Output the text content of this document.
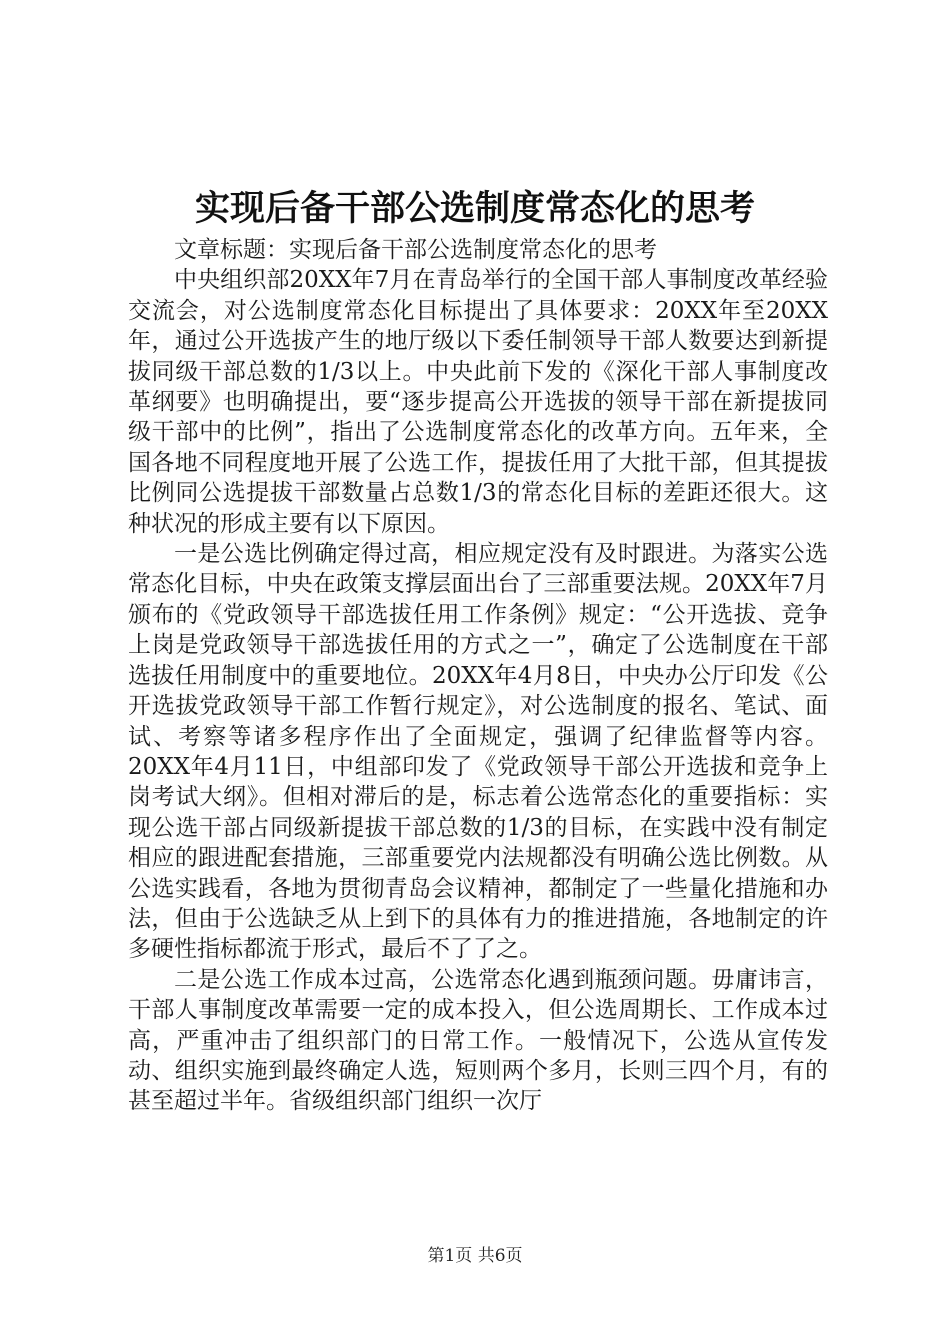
实现后备干部公选制度常态化的思考

文章标题：实现后备干部公选制度常态化的思考

中央组织部20XX年7月在青岛举行的全国干部人事制度改革经验交流会，对公选制度常态化目标提出了具体要求：20XX年至20XX年，通过公开选拔产生的地厅级以下委任制领导干部人数要达到新提拔同级干部总数的1/3以上。中央此前下发的《深化干部人事制度改革纲要》也明确提出，要“逐步提高公开选拔的领导干部在新提拔同级干部中的比例”，指出了公选制度常态化的改革方向。五年来，全国各地不同程度地开展了公选工作，提拔任用了大批干部，但其提拔比例同公选提拔干部数量占总数1/3的常态化目标的差距还很大。这种状况的形成主要有以下原因。

一是公选比例确定得过高，相应规定没有及时跟进。为落实公选常态化目标，中央在政策支撑层面出台了三部重要法规。20XX年7月颁布的《党政领导干部选拔任用工作条例》规定：“公开选拔、竞争上岗是党政领导干部选拔任用的方式之一”，确定了公选制度在干部选拔任用制度中的重要地位。20XX年4月8日，中央办公厅印发《公开选拔党政领导干部工作暂行规定》，对公选制度的报名、笔试、面试、考察等诸多程序作出了全面规定，强调了纪律监督等内容。20XX年4月11日，中组部印发了《党政领导干部公开选拔和竞争上岗考试大纲》。但相对滞后的是，标志着公选常态化的重要指标：实现公选干部占同级新提拔干部总数的1/3的目标，在实践中没有制定相应的跟进配套措施，三部重要党内法规都没有明确公选比例数。从公选实践看，各地为贯彻青岛会议精神，都制定了一些量化措施和办法，但由于公选缺乏从上到下的具体有力的推进措施，各地制定的许多硬性指标都流于形式，最后不了了之。

二是公选工作成本过高，公选常态化遇到瓶颈问题。毋庸讳言，干部人事制度改革需要一定的成本投入，但公选周期长、工作成本过高，严重冲击了组织部门的日常工作。一般情况下，公选从宣传发动、组织实施到最终确定人选，短则两个多月，长则三四个月，有的甚至超过半年。省级组织部门组织一次厅

第1页 共6页
